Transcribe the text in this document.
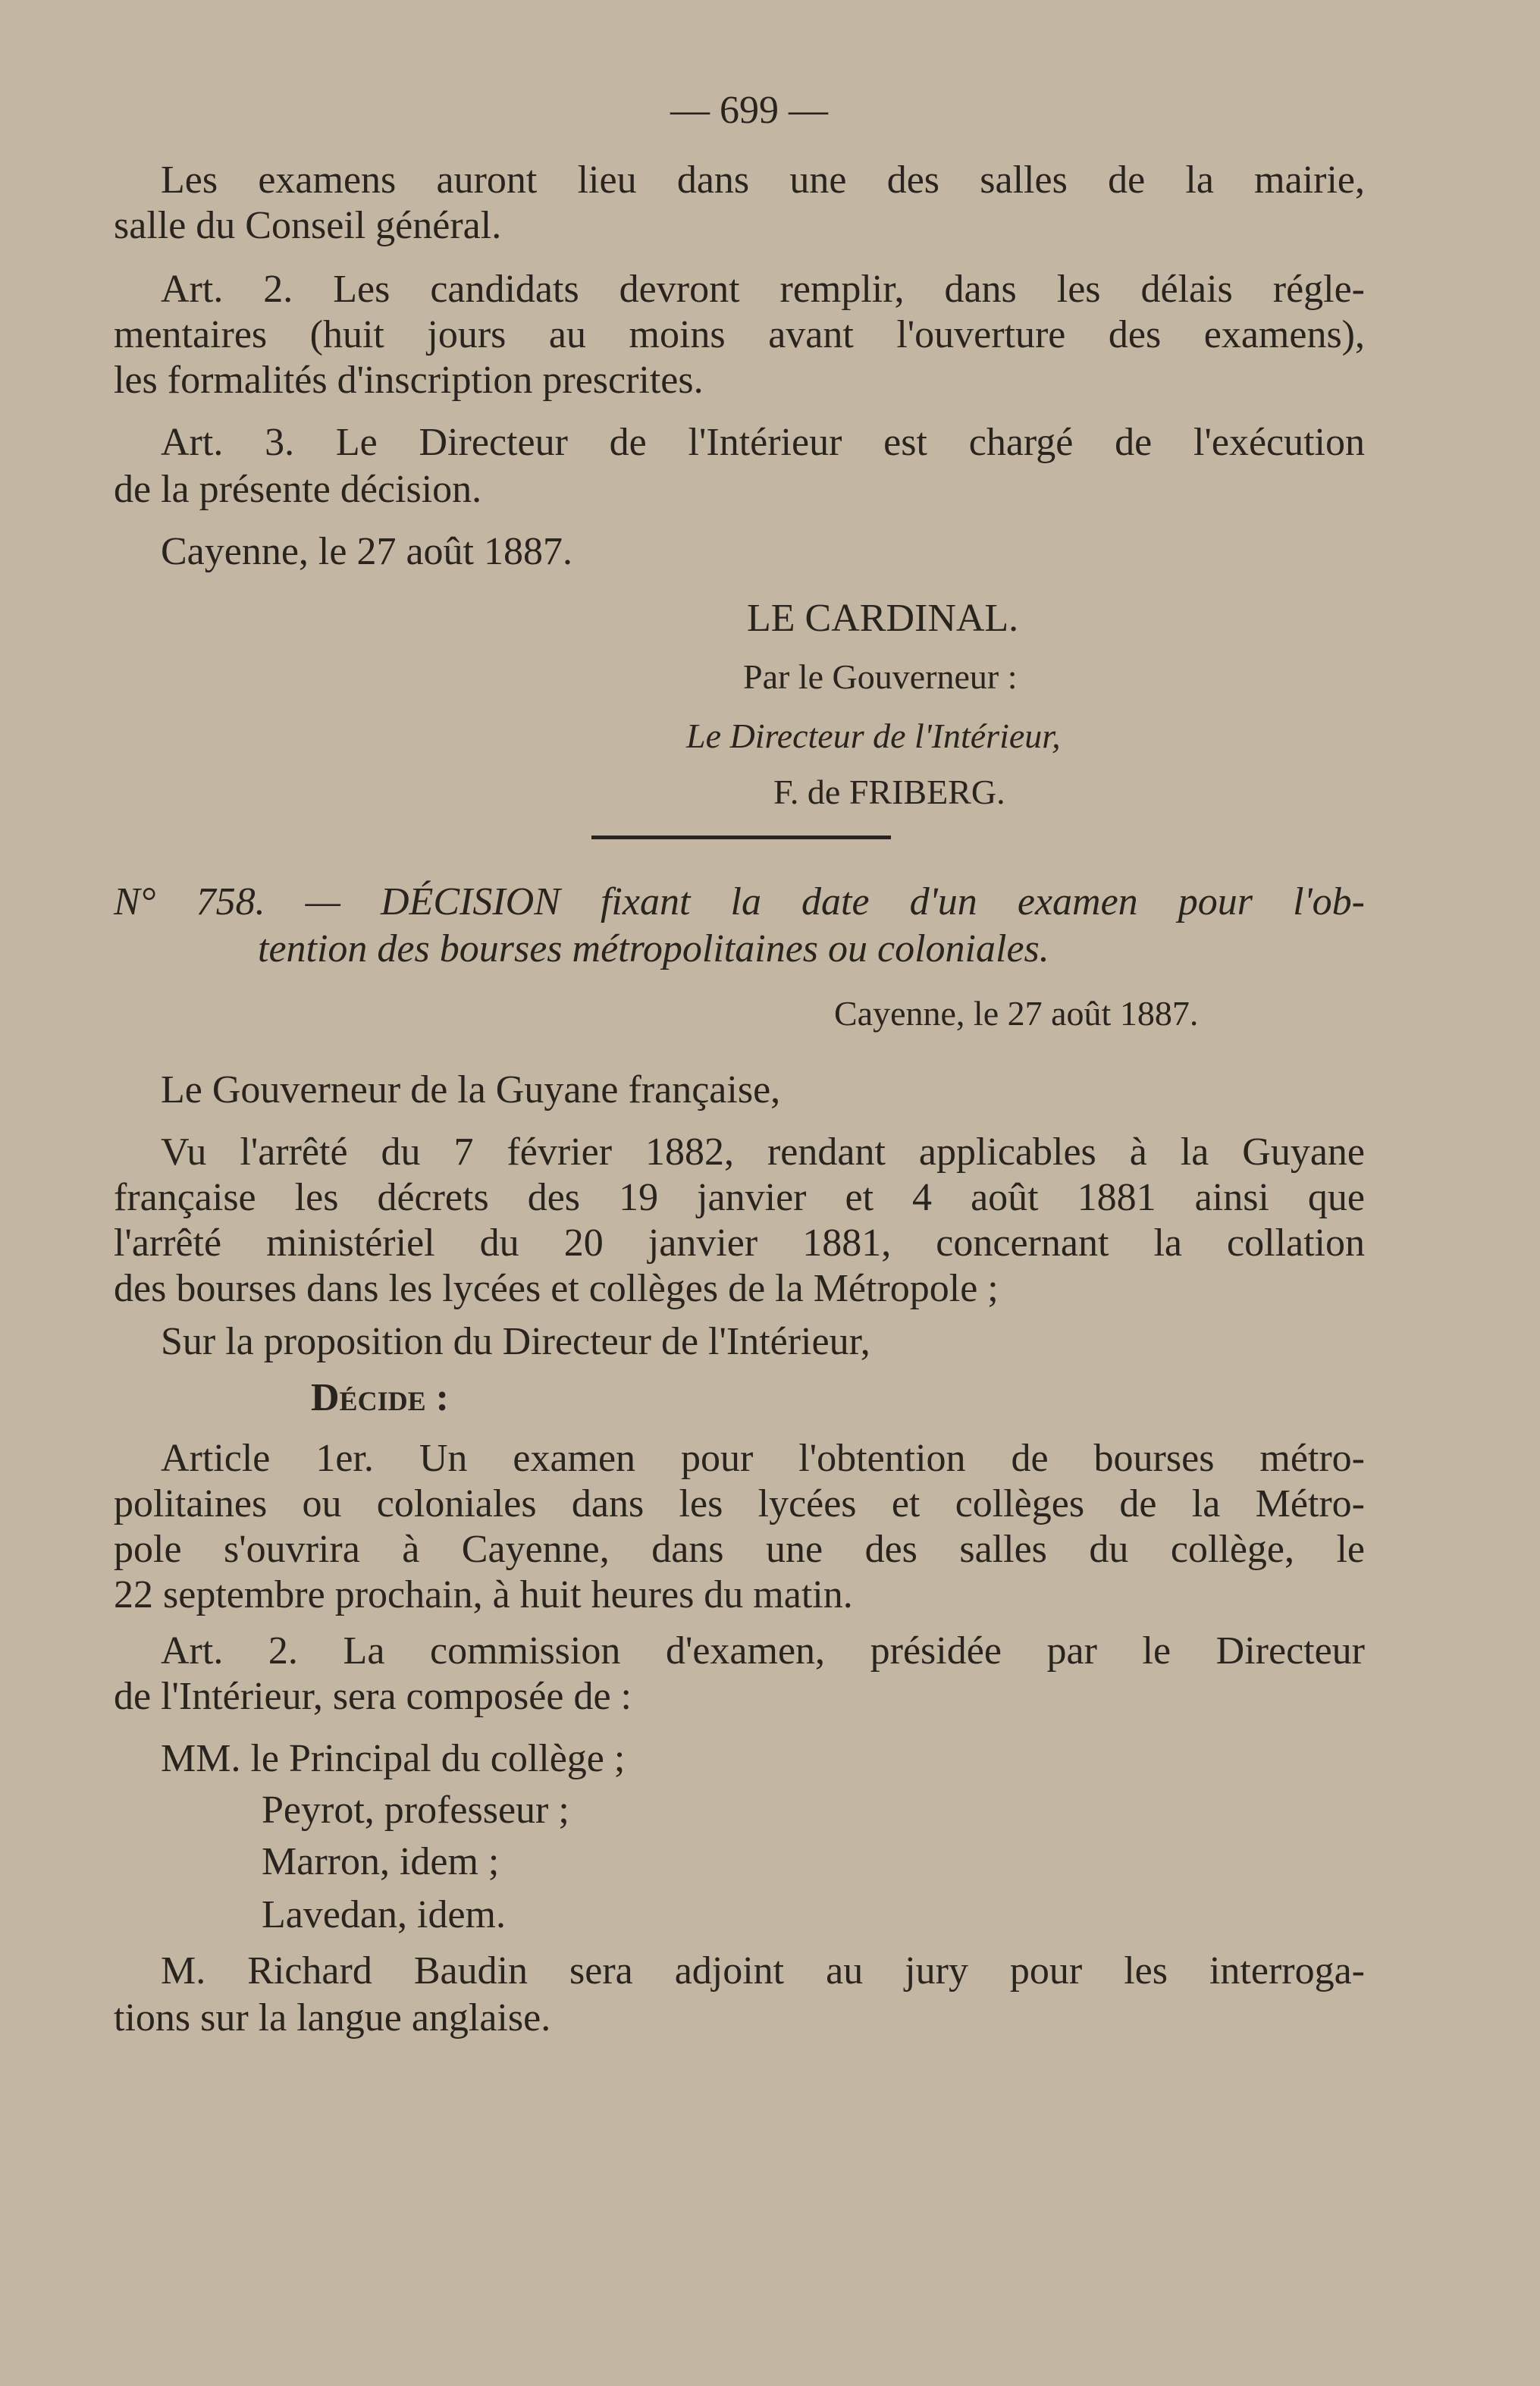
— 699 —
Les examens auront lieu dans une des salles de la mairie,
salle du Conseil général.
Art. 2. Les candidats devront remplir, dans les délais régle-
mentaires (huit jours au moins avant l'ouverture des examens),
les formalités d'inscription prescrites.
Art. 3. Le Directeur de l'Intérieur est chargé de l'exécution
de la présente décision.
Cayenne, le 27 août 1887.
LE CARDINAL.
Par le Gouverneur :
Le Directeur de l'Intérieur,
F. de FRIBERG.
N° 758. — DÉCISION fixant la date d'un examen pour l'ob-
tention des bourses métropolitaines ou coloniales.
Cayenne, le 27 août 1887.
Le Gouverneur de la Guyane française,
Vu l'arrêté du 7 février 1882, rendant applicables à la Guyane
française les décrets des 19 janvier et 4 août 1881 ainsi que
l'arrêté ministériel du 20 janvier 1881, concernant la collation
des bourses dans les lycées et collèges de la Métropole ;
Sur la proposition du Directeur de l'Intérieur,
Décide :
Article 1er. Un examen pour l'obtention de bourses métro-
politaines ou coloniales dans les lycées et collèges de la Métro-
pole s'ouvrira à Cayenne, dans une des salles du collège, le
22 septembre prochain, à huit heures du matin.
Art. 2. La commission d'examen, présidée par le Directeur
de l'Intérieur, sera composée de :
MM. le Principal du collège ;
Peyrot, professeur ;
Marron, idem ;
Lavedan, idem.
M. Richard Baudin sera adjoint au jury pour les interroga-
tions sur la langue anglaise.
